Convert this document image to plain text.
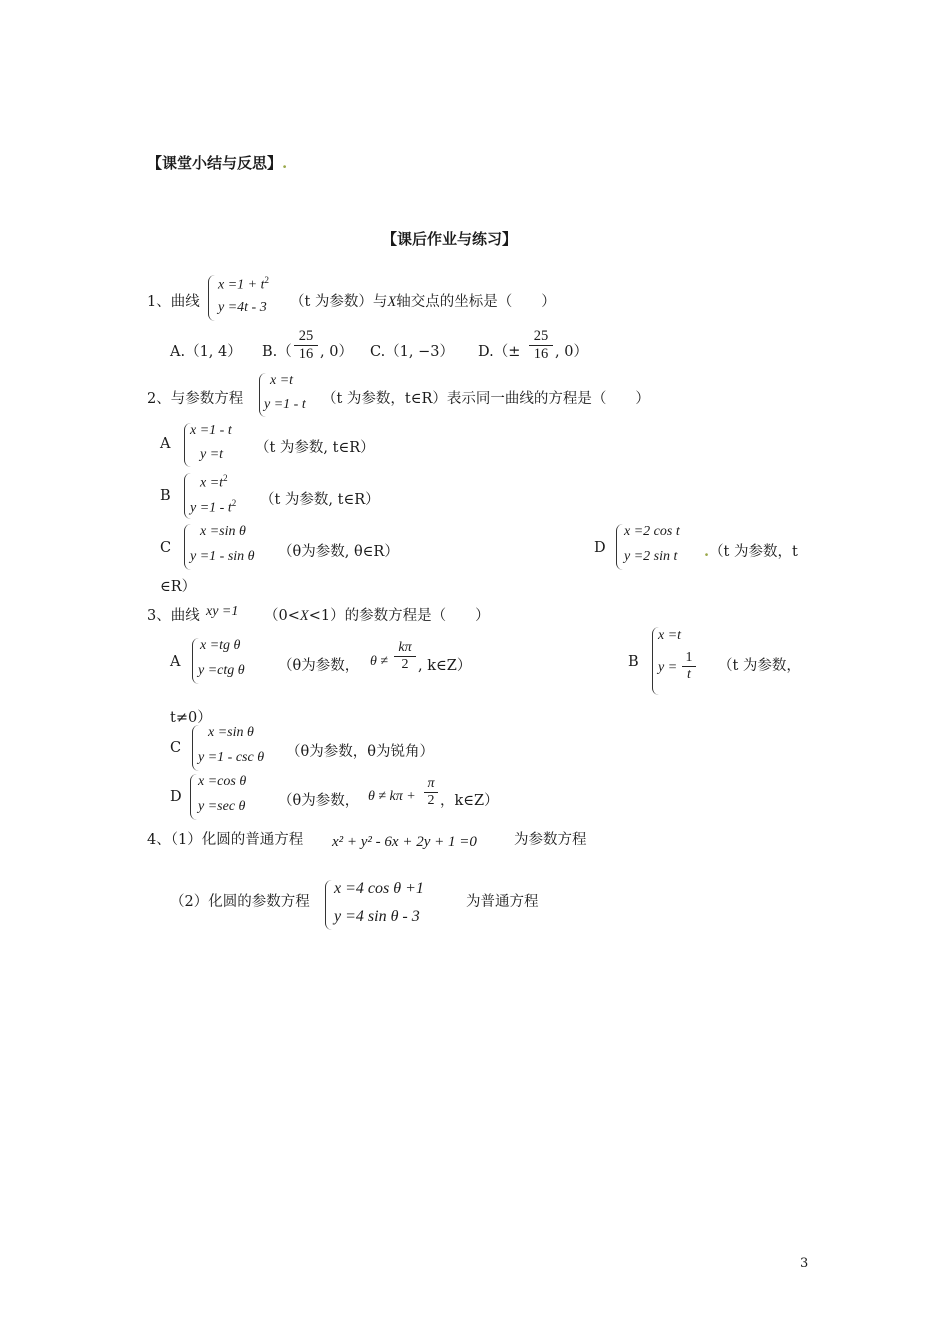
【课堂小结与反思】.
【课后作业与练习】
1、曲线
$x =1 + t^2$
y =4t - 3 （t 为参数）与X轴交点的坐标是（　　）
A.（1, 4） $B.( \frac{25}{16}$ , 0） C.（1, −3） $D.(\pm \frac{25}{16}$ , 0）
2、与参数方程
x =t
y =1 - t （t 为参数，t∈R）表示同一曲线的方程是（　　）
A
x =1 - t
y =t （t 为参数, t∈R）
B
$x =t^2$
$y =1 - t^2$ （t 为参数, t∈R）
C
x =sin θ
y =1 - sin θ （θ为参数, θ∈R）	D
x =2 cos t
y =2 sin t .（t 为参数，t
∈R）
3、曲线 xy =1 （0<X<1）的参数方程是（　　）
A
x =tg θ
y =ctg θ （θ为参数， $\theta \ne \frac{k\pi}{2}$ , k∈Z）	B
x =t
$y = \frac{1}{t} (t$ 为参数，
t≠0）
C
x =sin θ
y =1 - csc θ （θ为参数，θ为锐角）
D
x =cos θ
y =sec θ （θ为参数， $\theta \ne k\pi + \frac{\pi}{2}$ ，k∈Z）
4、（1）化圆的普通方程 x² + y² - 6x + 2y + 1 =0	为参数方程
（2）化圆的参数方程
x =4 cos θ +1
y =4 sin θ - 3
为普通方程
3
